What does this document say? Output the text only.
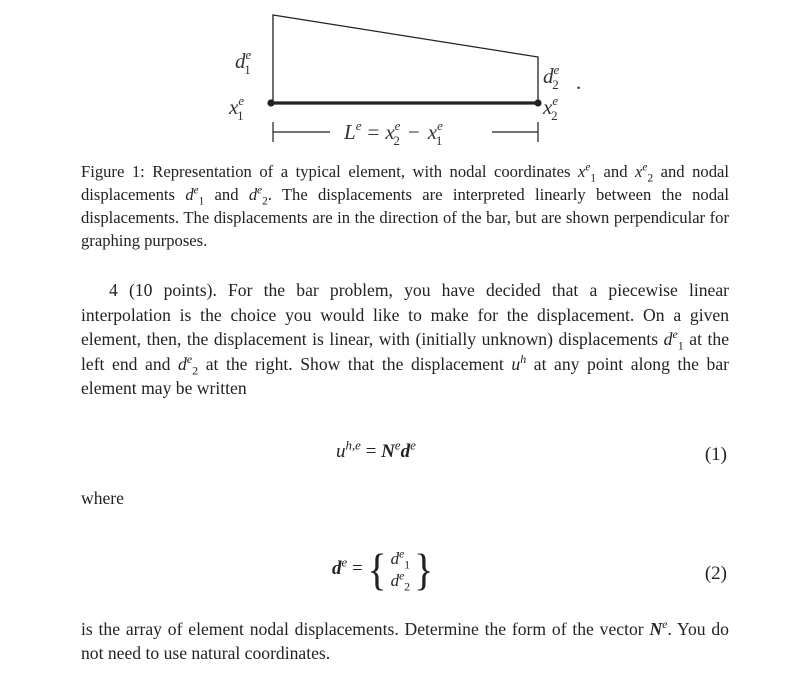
$d^e$ 1	$d^e$ 2 .
$x^e$ 1	$x^e$ 2
$L^e = x^e$ $2 - x^e$ 1
Figure 1: Representation of a typical element, with nodal coordinates $x^e_1$ and $x^e_2$ and nodal displacements $d^e_1$ and $d^e_2$. The displacements are interpreted linearly between the nodal displacements. The displacements are in the direction of the bar, but are shown perpendicular for graphing purposes.
4 (10 points). For the bar problem, you have decided that a piecewise linear interpolation is the choice you would like to make for the displacement. On a given element, then, the displacement is linear, with (initially unknown) displacements $d^e_1$ at the left end and $d^e_2$ at the right. Show that the displacement $u^h$ at any point along the bar element may be written
$u^{h,e} = N^ed^e$	(1)
where
$d^e$ = { $d^e_1$
$d^e_2$ }	(2)
is the array of element nodal displacements. Determine the form of the vector $N^e$. You do not need to use natural coordinates.
